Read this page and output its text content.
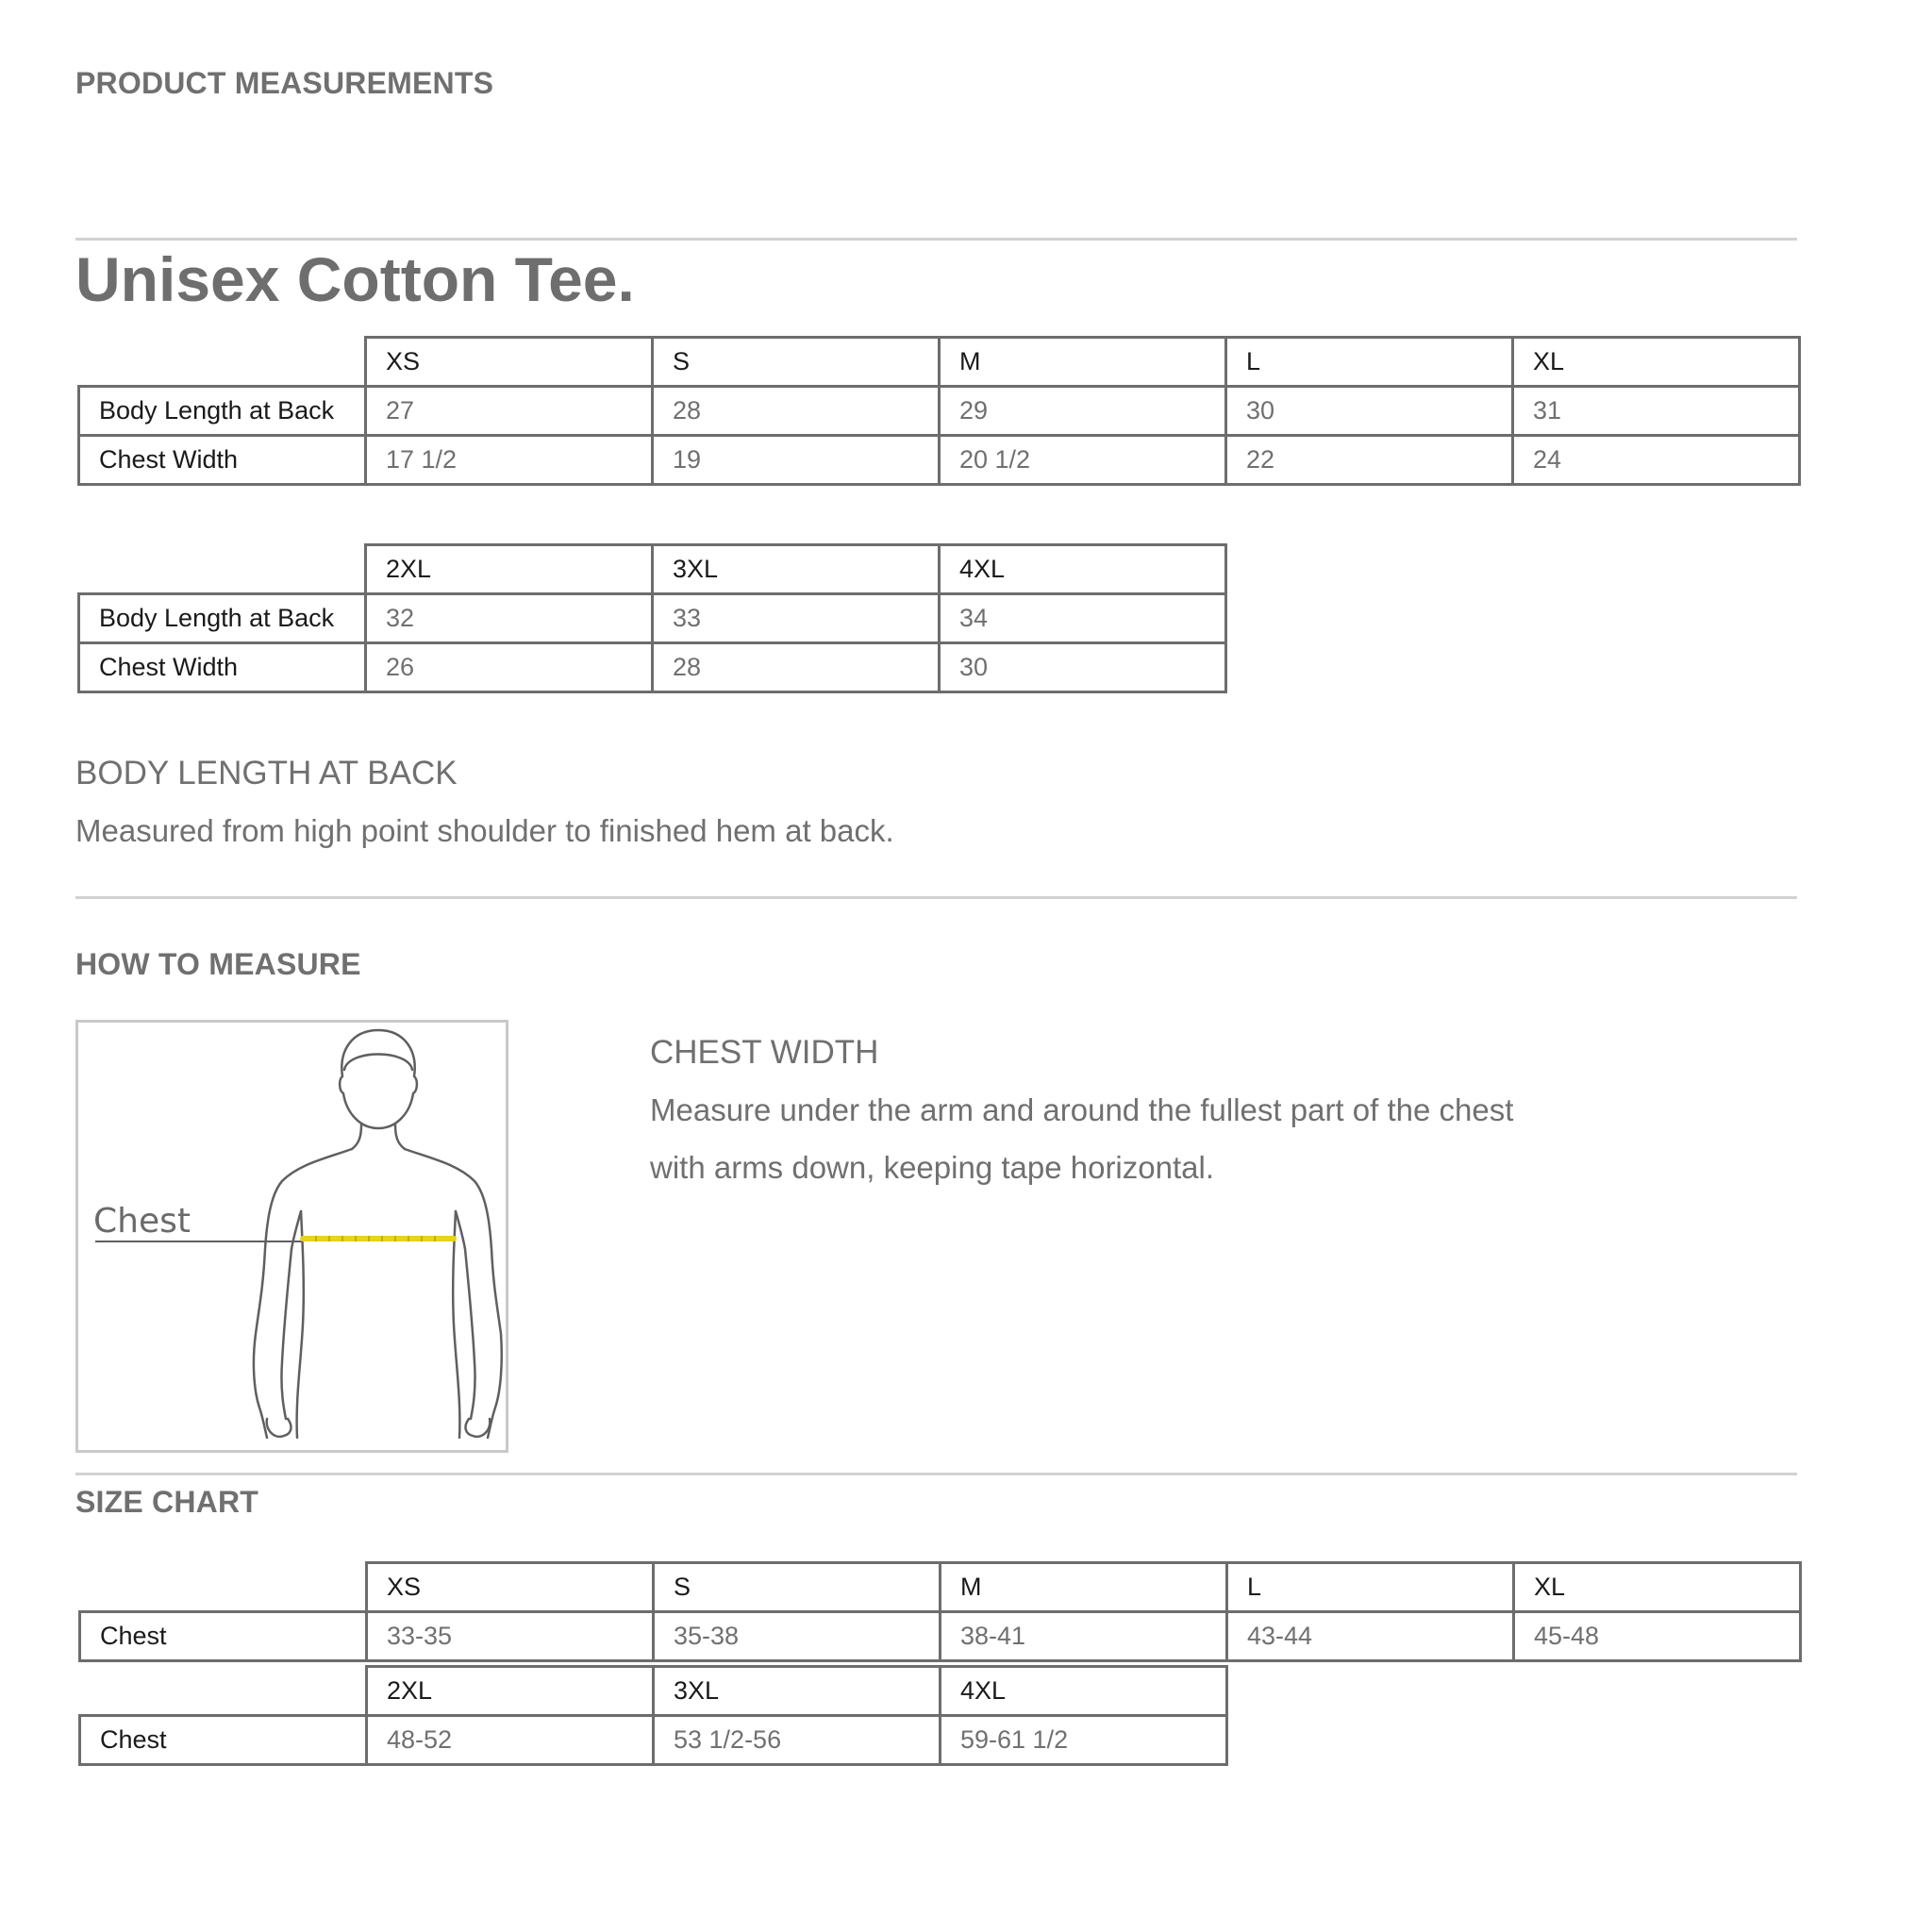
PRODUCT MEASUREMENTS
Unisex Cotton Tee.
	XS	S	M	L	XL
Body Length at Back	27	28	29	30	31
Chest Width	17 1/2	19	20 1/2	22	24
	2XL	3XL	4XL
Body Length at Back	32	33	34
Chest Width	26	28	30

BODY LENGTH AT BACK

Measured from high point shoulder to finished hem at back.

HOW TO MEASURE
Chest

CHEST WIDTH

Measure under the arm and around the fullest part of the chest

with arms down, keeping tape horizontal.

SIZE CHART
	XS	S	M	L	XL
Chest	33-35	35-38	38-41	43-44	45-48
	2XL	3XL	4XL
Chest	48-52	53 1/2-56	59-61 1/2
